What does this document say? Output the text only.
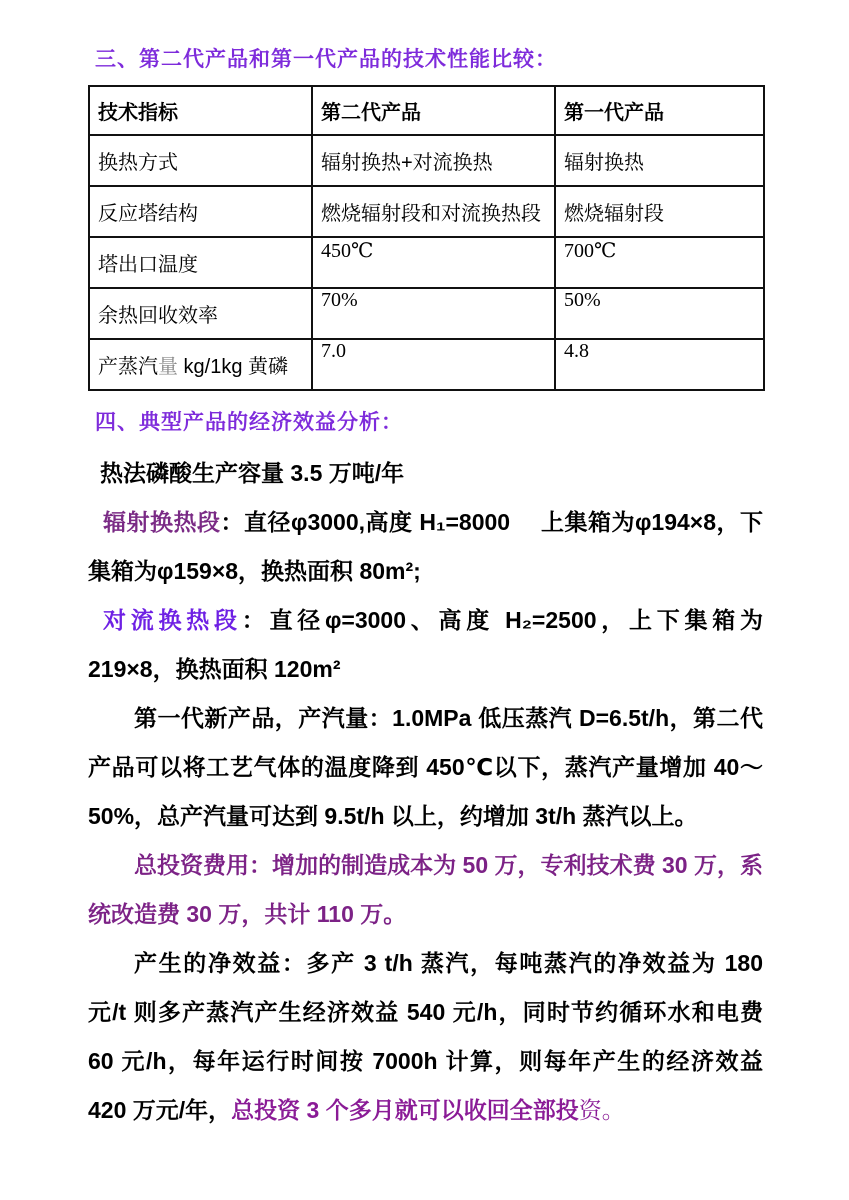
三、第二代产品和第一代产品的技术性能比较：
技术指标	第二代产品	第一代产品
换热方式	辐射换热+对流换热	辐射换热
反应塔结构	燃烧辐射段和对流换热段	燃烧辐射段
塔出口温度	450℃	700℃
余热回收效率	70%	50%
产蒸汽量 kg/1kg 黄磷	7.0	4.8
四、典型产品的经济效益分析：

热法磷酸生产容量 3.5 万吨/年

辐射换热段：直径φ3000,高度 H₁=8000　 上集箱为φ194×8，下集箱为φ159×8，换热面积 80m²;

对流换热段：直径φ=3000、高度 H₂=2500，上下集箱为 219×8，换热面积 120m²

第一代新产品，产汽量：1.0MPa 低压蒸汽 D=6.5t/h，第二代产品可以将工艺气体的温度降到 450℃以下，蒸汽产量增加 40～50%，总产汽量可达到 9.5t/h 以上，约增加 3t/h 蒸汽以上。

总投资费用：增加的制造成本为 50 万，专利技术费 30 万，系统改造费 30 万，共计 110 万。

产生的净效益：多产 3 t/h 蒸汽，每吨蒸汽的净效益为 180 元/t 则多产蒸汽产生经济效益 540 元/h，同时节约循环水和电费 60 元/h，每年运行时间按 7000h 计算，则每年产生的经济效益 420 万元/年，总投资 3 个多月就可以收回全部投资。
